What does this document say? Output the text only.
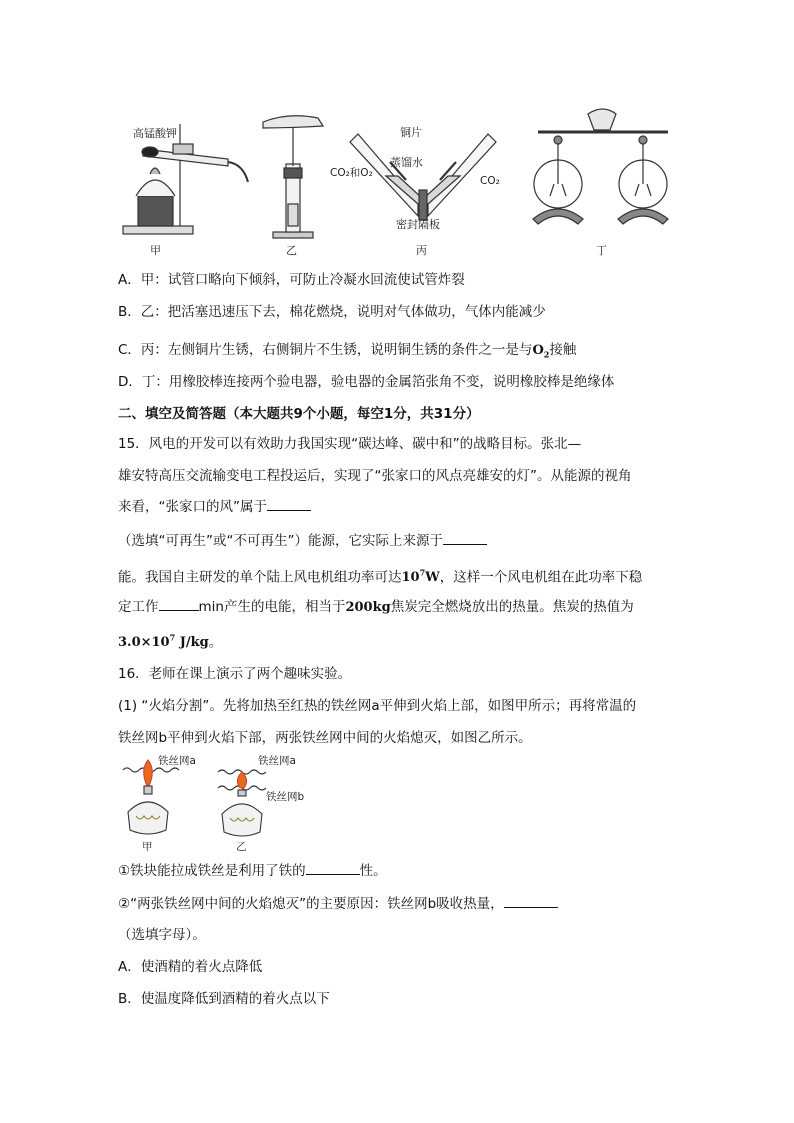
高锰酸钾
甲	乙
铜片
蒸馏水
CO₂和O₂
CO₂
密封隔板
丙	丁
A．甲：试管口略向下倾斜，可防止冷凝水回流使试管炸裂
B．乙：把活塞迅速压下去，棉花燃烧，说明对气体做功，气体内能减少
C．丙：左侧铜片生锈，右侧铜片不生锈，说明铜生锈的条件之一是与$O_2$接触
D．丁：用橡胶棒连接两个验电器，验电器的金属箔张角不变，说明橡胶棒是绝缘体
二、填空及简答题（本大题共9个小题，每空1分，共31分）
15．风电的开发可以有效助力我国实现“碳达峰、碳中和”的战略目标。张北—
雄安特高压交流输变电工程投运后，实现了“张家口的风点亮雄安的灯”。从能源的视角
来看，“张家口的风”属于
（选填“可再生”或“不可再生”）能源，它实际上来源于
能。我国自主研发的单个陆上风电机组功率可达$10^7W$，这样一个风电机组在此功率下稳
定工作	min产生的电能，相当于200kg焦炭完全燃烧放出的热量。焦炭的热值为
$3.0\times 10^7$ J/kg。
16．老师在课上演示了两个趣味实验。
(1) “火焰分割”。先将加热至红热的铁丝网a平伸到火焰上部，如图甲所示；再将常温的
铁丝网b平伸到火焰下部，两张铁丝网中间的火焰熄灭，如图乙所示。
铁丝网a
甲
铁丝网a
铁丝网b
乙
①铁块能拉成铁丝是利用了铁的	性。
②“两张铁丝网中间的火焰熄灭”的主要原因：铁丝网b吸收热量，
（选填字母）。
A．使酒精的着火点降低
B．使温度降低到酒精的着火点以下
